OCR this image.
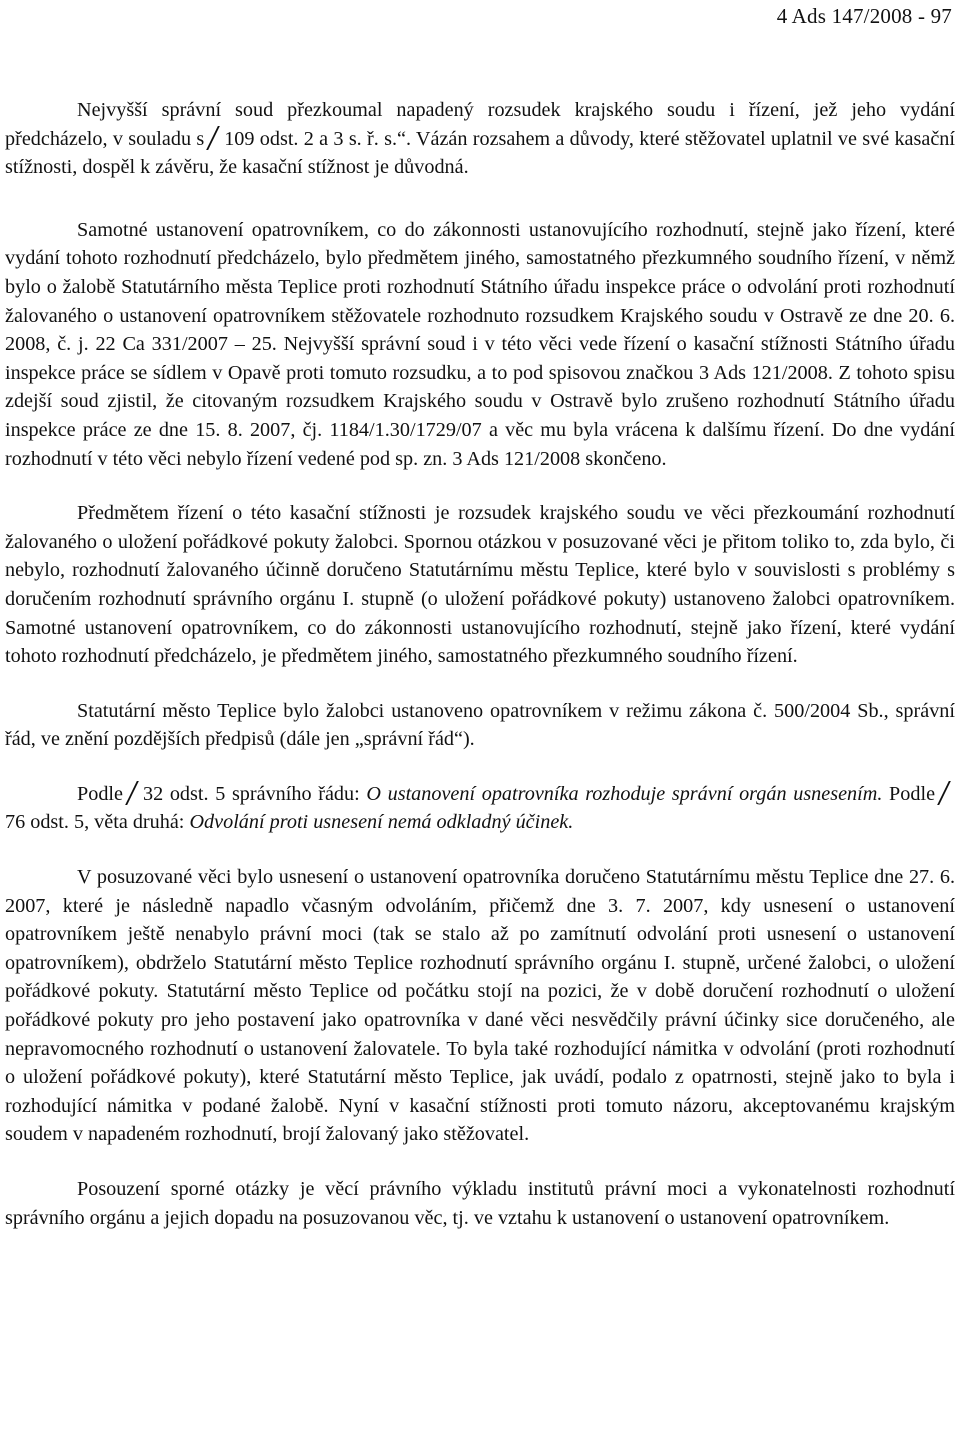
4 Ads 147/2008 - 97

Nejvyšší správní soud přezkoumal napadený rozsudek krajského soudu i řízení, jež jeho vydání předcházelo, v souladu s 109 odst. 2 a 3 s. ř. s.“. Vázán rozsahem a důvody, které stěžovatel uplatnil ve své kasační stížnosti, dospěl k závěru, že kasační stížnost je důvodná.

Samotné ustanovení opatrovníkem, co do zákonnosti ustanovujícího rozhodnutí, stejně jako řízení, které vydání tohoto rozhodnutí předcházelo, bylo předmětem jiného, samostatného přezkumného soudního řízení, v němž bylo o žalobě Statutárního města Teplice proti rozhodnutí Státního úřadu inspekce práce o odvolání proti rozhodnutí žalovaného o ustanovení opatrovníkem stěžovatele rozhodnuto rozsudkem Krajského soudu v Ostravě ze dne 20. 6. 2008, č. j. 22 Ca 331/2007 – 25. Nejvyšší správní soud i v této věci vede řízení o kasační stížnosti Státního úřadu inspekce práce se sídlem v Opavě proti tomuto rozsudku, a to pod spisovou značkou 3 Ads 121/2008. Z tohoto spisu zdejší soud zjistil, že citovaným rozsudkem Krajského soudu v Ostravě bylo zrušeno rozhodnutí Státního úřadu inspekce práce ze dne 15. 8. 2007, čj. 1184/1.30/1729/07 a věc mu byla vrácena k dalšímu řízení. Do dne vydání rozhodnutí v této věci nebylo řízení vedené pod sp. zn. 3 Ads 121/2008 skončeno.

Předmětem řízení o této kasační stížnosti je rozsudek krajského soudu ve věci přezkoumání rozhodnutí žalovaného o uložení pořádkové pokuty žalobci. Spornou otázkou v posuzované věci je přitom toliko to, zda bylo, či nebylo, rozhodnutí žalovaného účinně doručeno Statutárnímu městu Teplice, které bylo v souvislosti s problémy s doručením rozhodnutí správního orgánu I. stupně (o uložení pořádkové pokuty) ustanoveno žalobci opatrovníkem. Samotné ustanovení opatrovníkem, co do zákonnosti ustanovujícího rozhodnutí, stejně jako řízení, které vydání tohoto rozhodnutí předcházelo, je předmětem jiného, samostatného přezkumného soudního řízení.

Statutární město Teplice bylo žalobci ustanoveno opatrovníkem v režimu zákona č. 500/2004 Sb., správní řád, ve znění pozdějších předpisů (dále jen „správní řád“).

Podle 32 odst. 5 správního řádu: O ustanovení opatrovníka rozhoduje správní orgán usnesením. Podle76 odst. 5, věta druhá: Odvolání proti usnesení nemá odkladný účinek.

V posuzované věci bylo usnesení o ustanovení opatrovníka doručeno Statutárnímu městu Teplice dne 27. 6. 2007, které je následně napadlo včasným odvoláním, přičemž dne 3. 7. 2007, kdy usnesení o ustanovení opatrovníkem ještě nenabylo právní moci (tak se stalo až po zamítnutí odvolání proti usnesení o ustanovení opatrovníkem), obdrželo Statutární město Teplice rozhodnutí správního orgánu I. stupně, určené žalobci, o uložení pořádkové pokuty. Statutární město Teplice od počátku stojí na pozici, že v době doručení rozhodnutí o uložení pořádkové pokuty pro jeho postavení jako opatrovníka v dané věci nesvědčily právní účinky sice doručeného, ale nepravomocného rozhodnutí o ustanovení žalovatele. To byla také rozhodující námitka v odvolání (proti rozhodnutí o uložení pořádkové pokuty), které Statutární město Teplice, jak uvádí, podalo z opatrnosti, stejně jako to byla i rozhodující námitka v podané žalobě. Nyní v kasační stížnosti proti tomuto názoru, akceptovanému krajským soudem v napadeném rozhodnutí, brojí žalovaný jako stěžovatel.

Posouzení sporné otázky je věcí právního výkladu institutů právní moci a vykonatelnosti rozhodnutí správního orgánu a jejich dopadu na posuzovanou věc, tj. ve vztahu k ustanovení o ustanovení opatrovníkem.
